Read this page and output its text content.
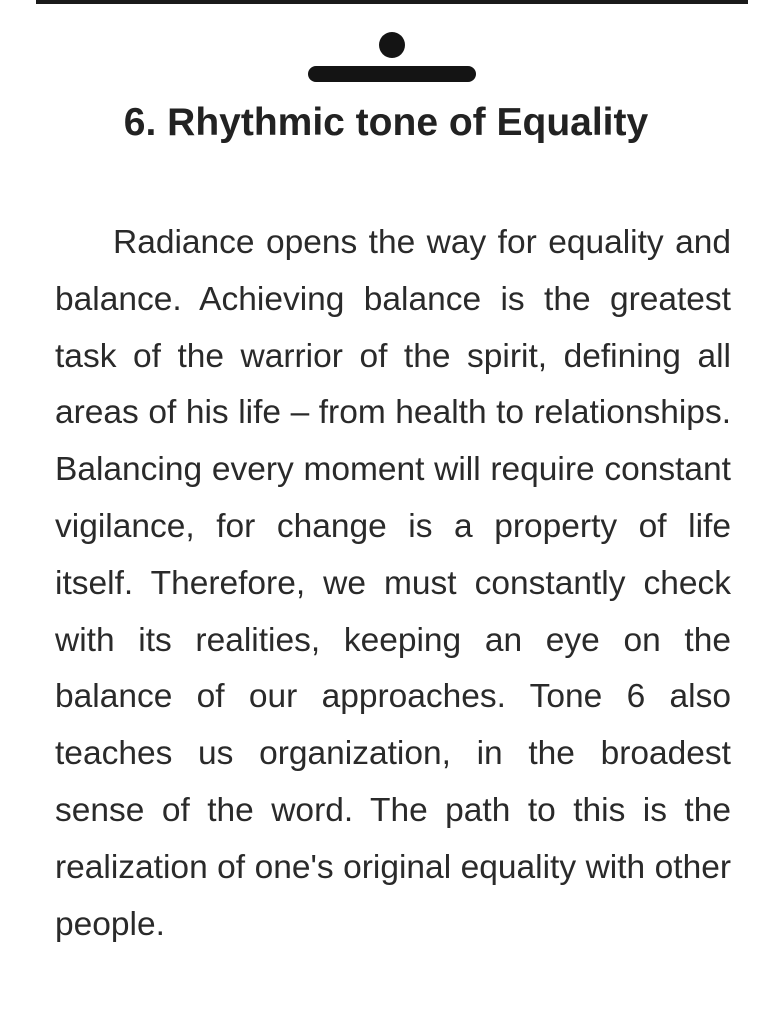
6. Rhythmic tone of Equality

Radiance opens the way for equality and balance. Achieving balance is the greatest task of the warrior of the spirit, defining all areas of his life – from health to relationships. Balancing every moment will require constant vigilance, for change is a property of life itself. Therefore, we must constantly check with its realities, keeping an eye on the balance of our approaches. Tone 6 also teaches us organization, in the broadest sense of the word. The path to this is the realization of one's original equality with other people.
